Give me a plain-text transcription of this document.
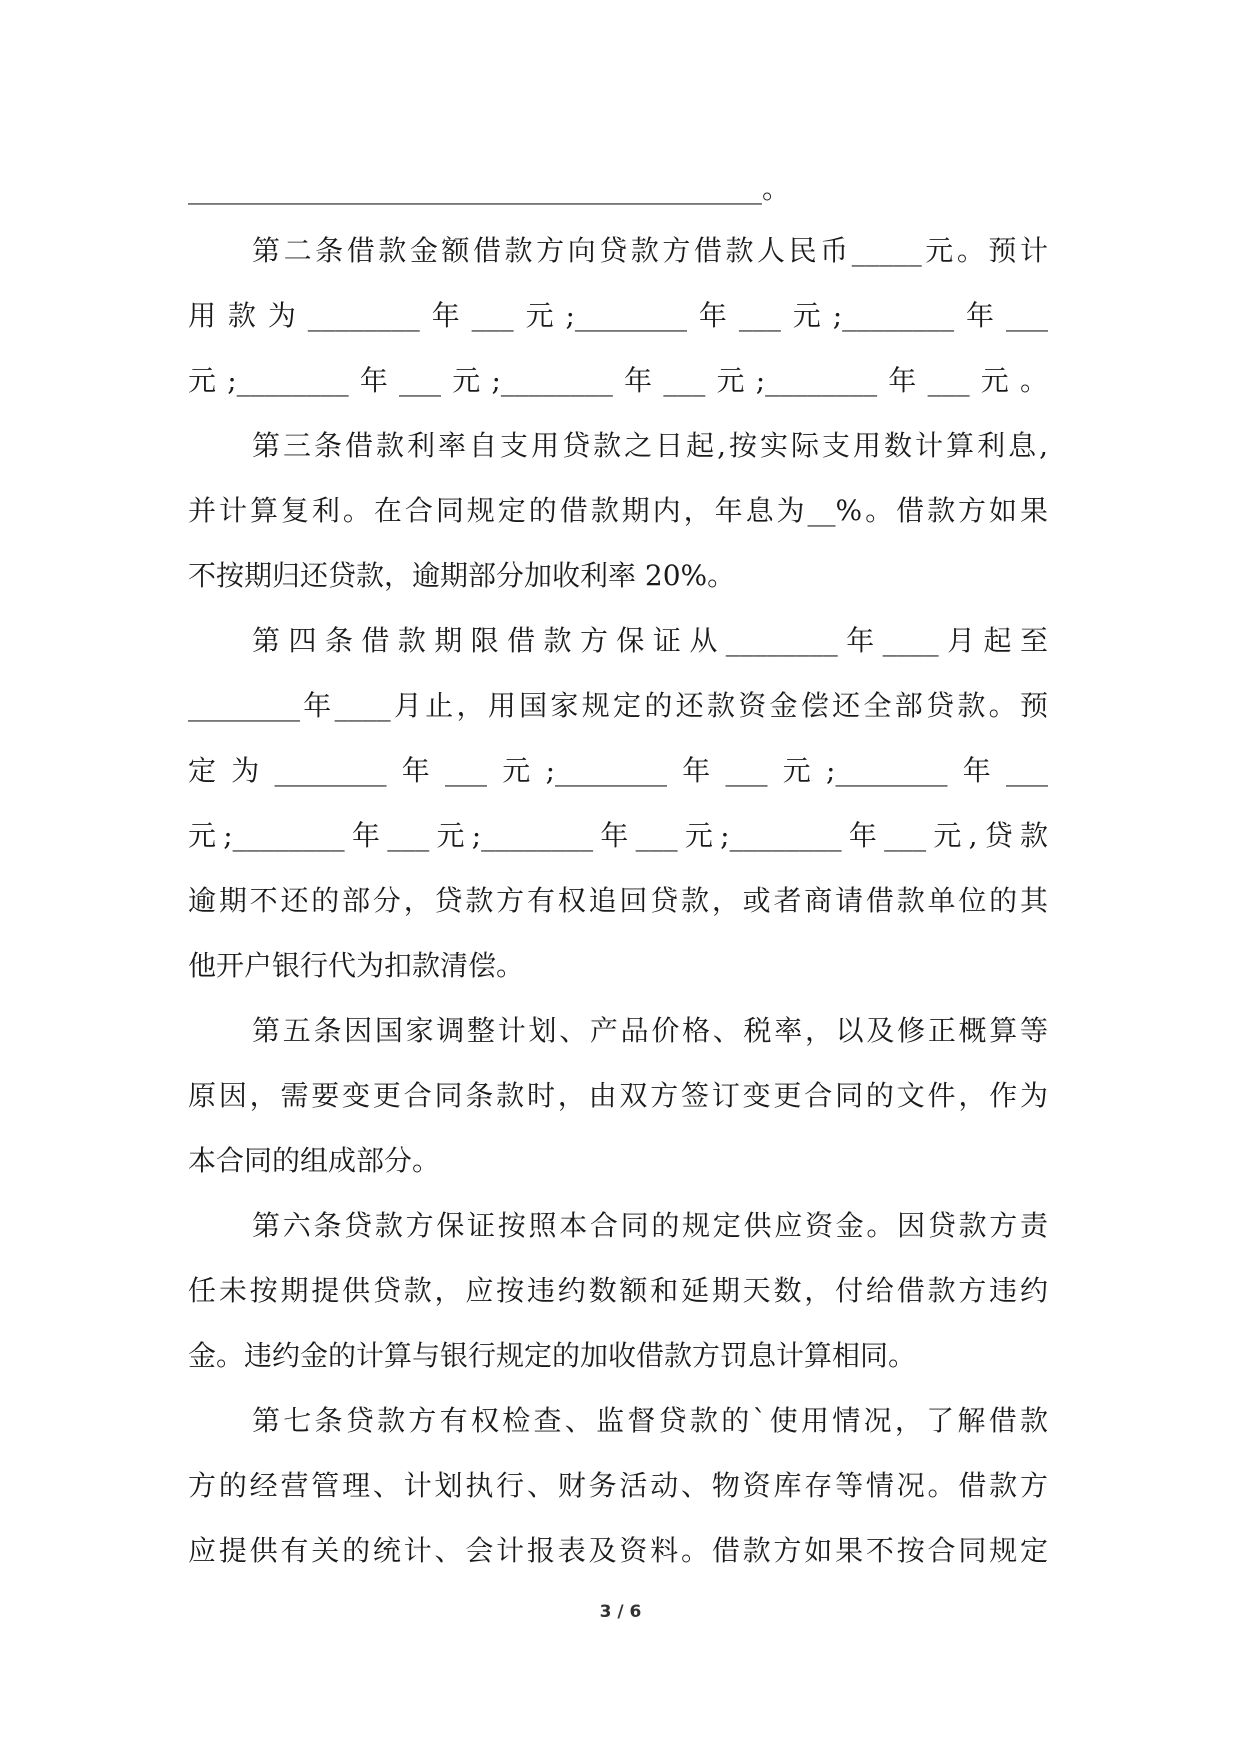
_________________________________________。
第二条借款金额借款方向贷款方借款人民币_____元。预计
用款为________年___元;________年___元;________年___
元;________年___元;________年___元;________年___元。
第三条借款利率自支用贷款之日起,按实际支用数计算利息,
并计算复利。在合同规定的借款期内，年息为__%。借款方如果
不按期归还贷款，逾期部分加收利率 20%。
第四条借款期限借款方保证从________年____月起至
________年____月止，用国家规定的还款资金偿还全部贷款。预
定为________年___元;________年___元;________年___
元;________年___元;________年___元;________年___元,贷款
逾期不还的部分，贷款方有权追回贷款，或者商请借款单位的其
他开户银行代为扣款清偿。
第五条因国家调整计划、产品价格、税率，以及修正概算等
原因，需要变更合同条款时，由双方签订变更合同的文件，作为
本合同的组成部分。
第六条贷款方保证按照本合同的规定供应资金。因贷款方责
任未按期提供贷款，应按违约数额和延期天数，付给借款方违约
金。违约金的计算与银行规定的加收借款方罚息计算相同。
第七条贷款方有权检查、监督贷款的`使用情况，了解借款
方的经营管理、计划执行、财务活动、物资库存等情况。借款方
应提供有关的统计、会计报表及资料。借款方如果不按合同规定
3 / 6
